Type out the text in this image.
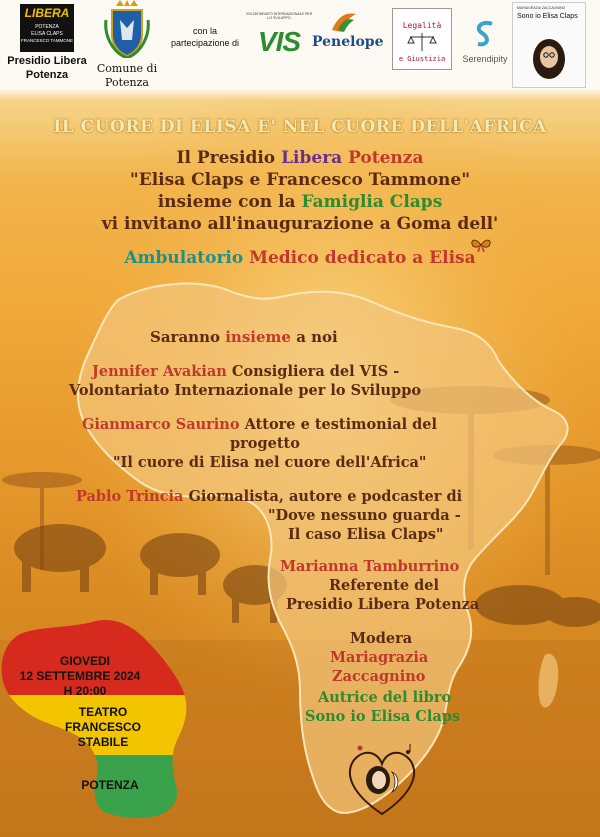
LIBERA
POTENZA
ELISA CLAPS
FRANCESCO TAMMONE
Presidio Libera
Potenza	Comune di
Potenza
con la
partecipazione di
VOLONTARIATO INTERNAZIONALE PER LO SVILUPPO
VIS Penelope
Legalità
e Giustizia	Serendipity
MARIAGRAZIA ZACCAGNINO
Sono io Elisa Claps
IL CUORE DI ELISA E' NEL CUORE DELL'AFRICA
Il Presidio Libera Potenza
"Elisa Claps e Francesco Tammone"
insieme con la Famiglia Claps
vi invitano all'inaugurazione a Goma dell'
Ambulatorio Medico dedicato a Elisa
Saranno insieme a noi
Jennifer Avakian Consigliera del VIS -
Volontariato Internazionale per lo Sviluppo
Gianmarco Saurino Attore e testimonial del
progetto
"Il cuore di Elisa nel cuore dell'Africa"
Pablo Trincia Giornalista, autore e podcaster di
"Dove nessuno guarda -
Il caso Elisa Claps"
Marianna Tamburrino
Referente del
Presidio Libera Potenza
Modera
Mariagrazia
Zaccagnino
Autrice del libro
Sono io Elisa Claps
GIOVEDI
12 SETTEMBRE 2024
H 20:00
TEATRO
FRANCESCO
STABILE
POTENZA
